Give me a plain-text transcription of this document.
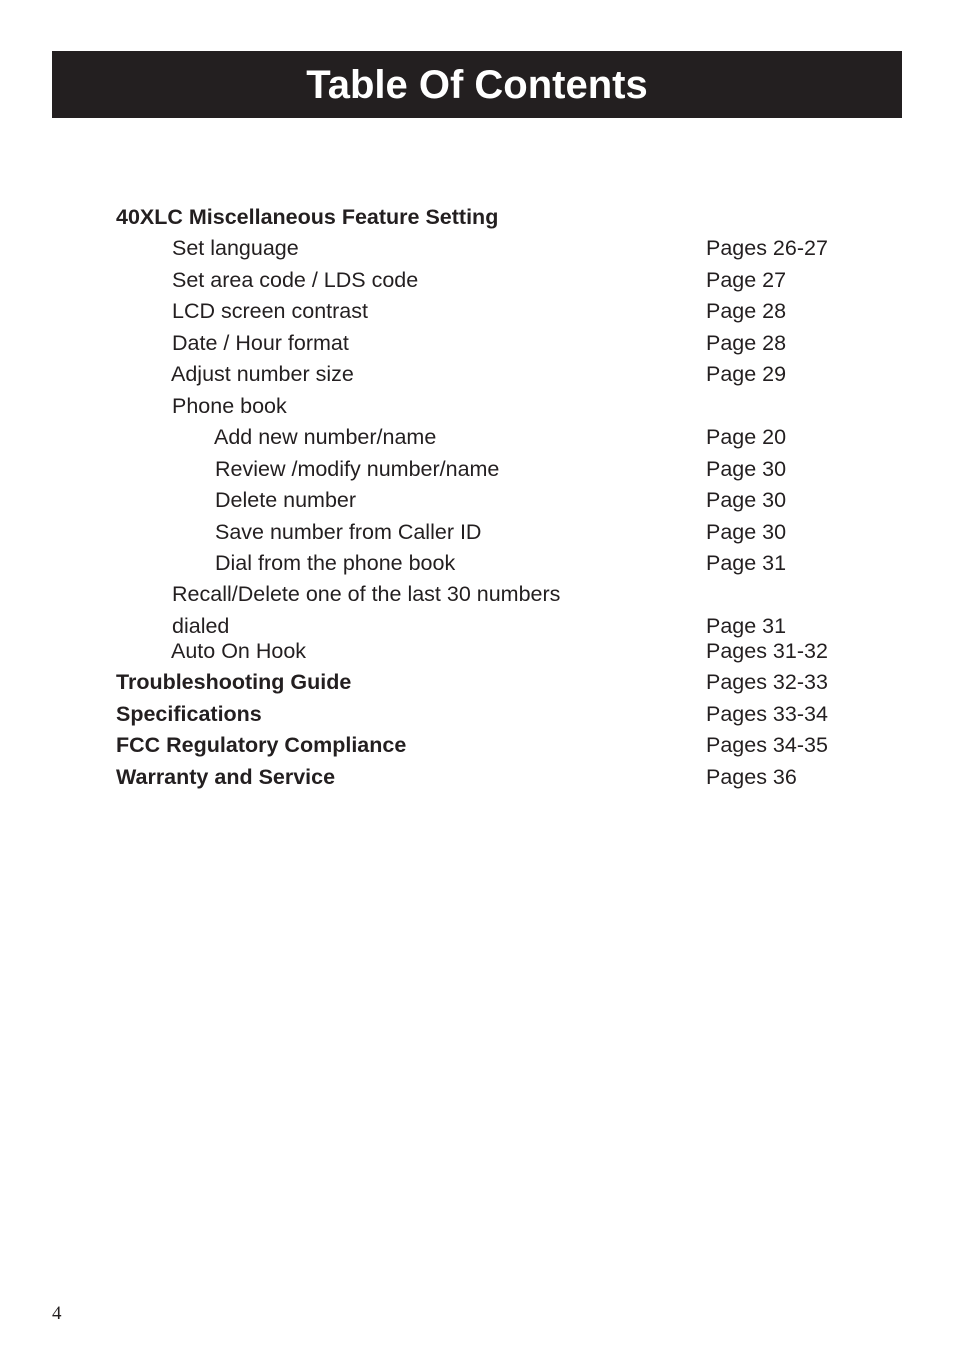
Table Of Contents
40XLC Miscellaneous Feature Setting
Set language	Pages 26-27
Set area code / LDS code	Page 27
LCD screen contrast	Page 28
Date / Hour format	Page 28
Adjust number size	Page 29
Phone book
Add new number/name	Page 20
Review /modify number/name	Page 30
Delete number	Page 30
Save number from Caller ID	Page 30
Dial from the phone book	Page 31
Recall/Delete one of the last 30 numbers
dialed	Page 31
Auto On Hook	Pages 31-32
Troubleshooting Guide	Pages 32-33
Specifications	Pages 33-34
FCC Regulatory Compliance	Pages 34-35
Warranty and Service	Pages 36
4
